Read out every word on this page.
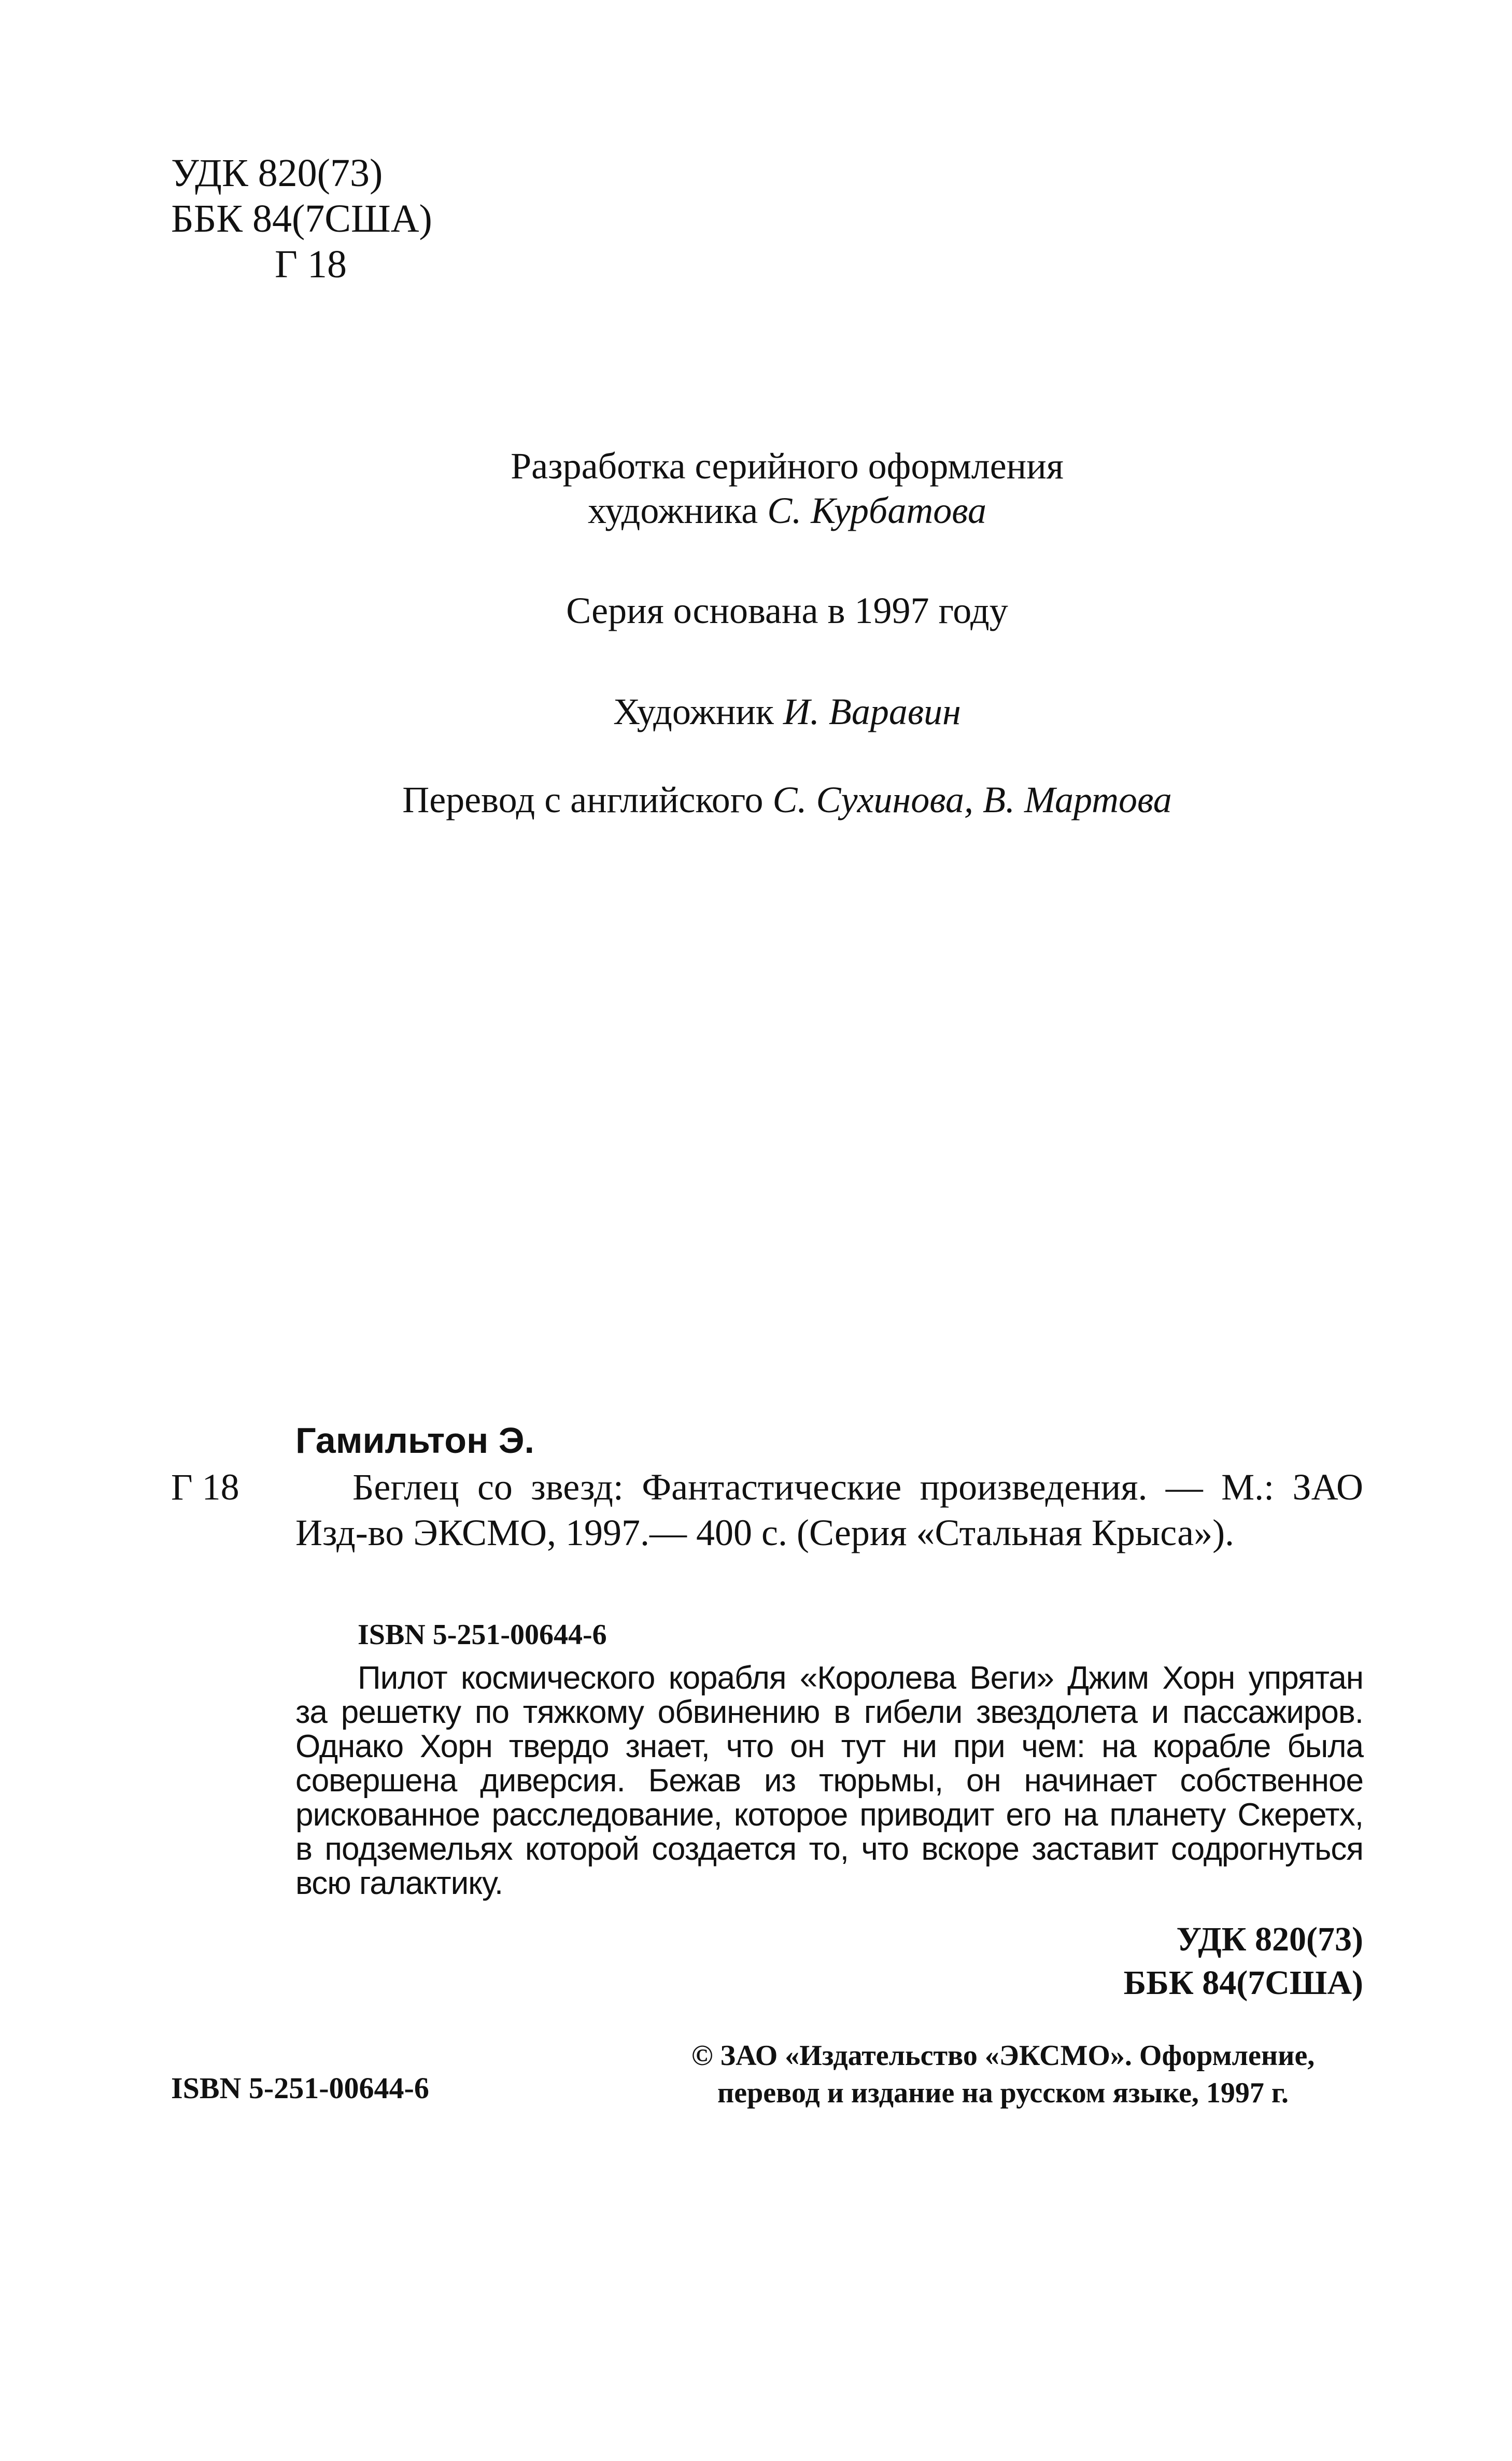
УДК 820(73)
ББК 84(7США)
Г 18
Разработка серийного оформления
художника С. Курбатова
Серия основана в 1997 году
Художник И. Варавин
Перевод с английского С. Сухинова, В. Мартова
Гамильтон Э.
Г 18	Беглец со звезд: Фантастические произведения. — М.: ЗАО Изд-во ЭКСМО, 1997.— 400 с. (Серия «Стальная Крыса»).
ISBN 5-251-00644-6
Пилот космического корабля «Королева Веги» Джим Хорн упрятан за решетку по тяжкому обвинению в гибели звездолета и пассажиров. Однако Хорн твердо знает, что он тут ни при чем: на корабле была совершена диверсия. Бежав из тюрьмы, он начинает собственное рискованное расследование, которое приводит его на планету Скеретх, в подземельях которой создается то, что вскоре заставит содрогнуться всю галактику.
УДК 820(73)
ББК 84(7США)
ISBN 5-251-00644-6
© ЗАО «Издательство «ЭКСМО». Оформление,
перевод и издание на русском языке, 1997 г.
